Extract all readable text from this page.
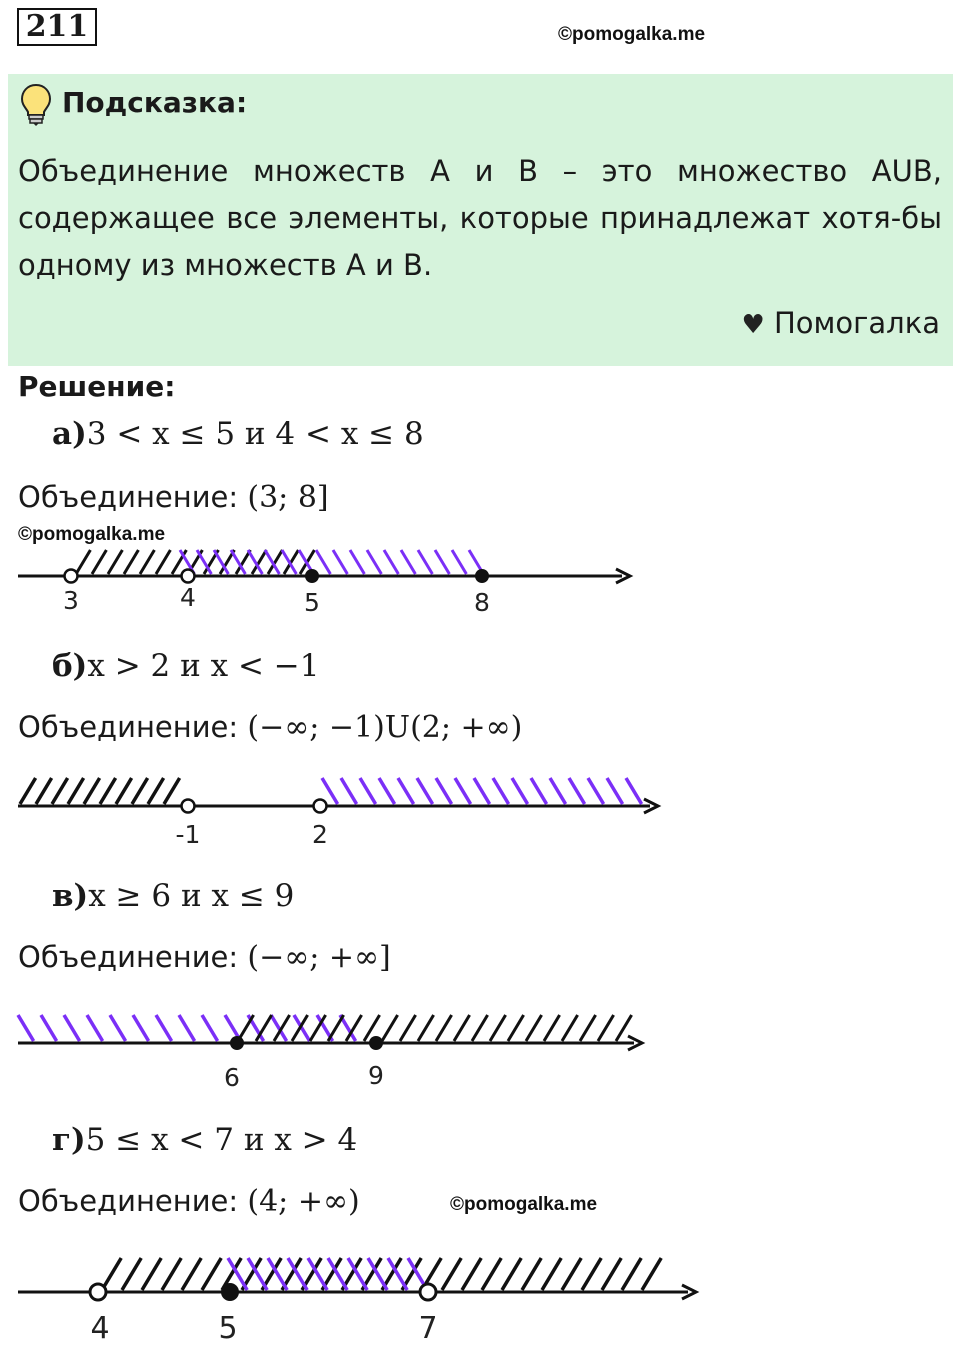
211	©pomogalka.me
Подсказка:
Объединение множеств A и B – это множество AUB,
содержащее все элементы, которые принадлежат хотя-бы
одному из множеств A и B.
♥ Помогалка
Решение:
а)3 < x ≤ 5 и 4 < x ≤ 8
Объединение: (3; 8]
©pomogalka.me
б)x > 2 и x < −1
Объединение: (−∞; −1)U(2; +∞)
в)x ≥ 6 и x ≤ 9
Объединение: (−∞; +∞]
г)5 ≤ x < 7 и x > 4
Объединение: (4; +∞)	©pomogalka.me
3	4	5	8
-1	2
6	9
4	5	7
